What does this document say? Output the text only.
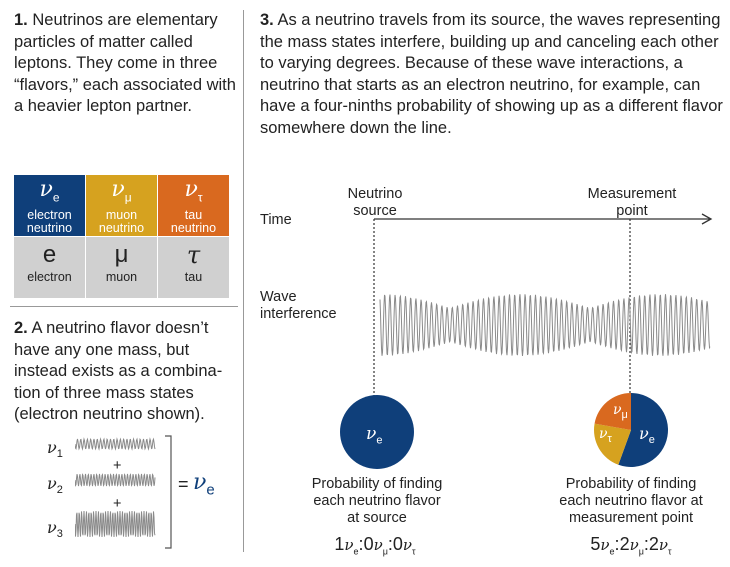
1. Neutrinos are elementary particles of matter called leptons. They come in three “flavors,” each associated with a heavier lepton partner.
$\nu_e$
electron
neutrino
$\nu_\mu$
muon
neutrino
$\nu_\tau$
tau
neutrino
e
electron
μ
muon
τ
tau
2. A neutrino flavor doesn’t have any one mass, but instead exists as a combina-tion of three mass states (electron neutrino shown).
$\nu_1$
$\nu_2$
$\nu_3$
+
+
= $\nu_e$
3. As a neutrino travels from its source, the waves representing the mass states interfere, building up and canceling each other to varying degrees. Because of these wave interactions, a neutrino that starts as an electron neutrino, for example, can have a four-ninths probability of showing up as a different flavor somewhere down the line.
Neutrino
source
Measurement
point
Time
Wave
interference
$\nu_e$	$\nu_e$
$\nu_\mu$
$\nu_\tau$
Probability of finding
each neutrino flavor
at source
Probability of finding
each neutrino flavor at
measurement point
$1\nu_e:0\nu_\mu:0\nu_\tau$	$5\nu_e:2\nu_\mu:2\nu_\tau$
